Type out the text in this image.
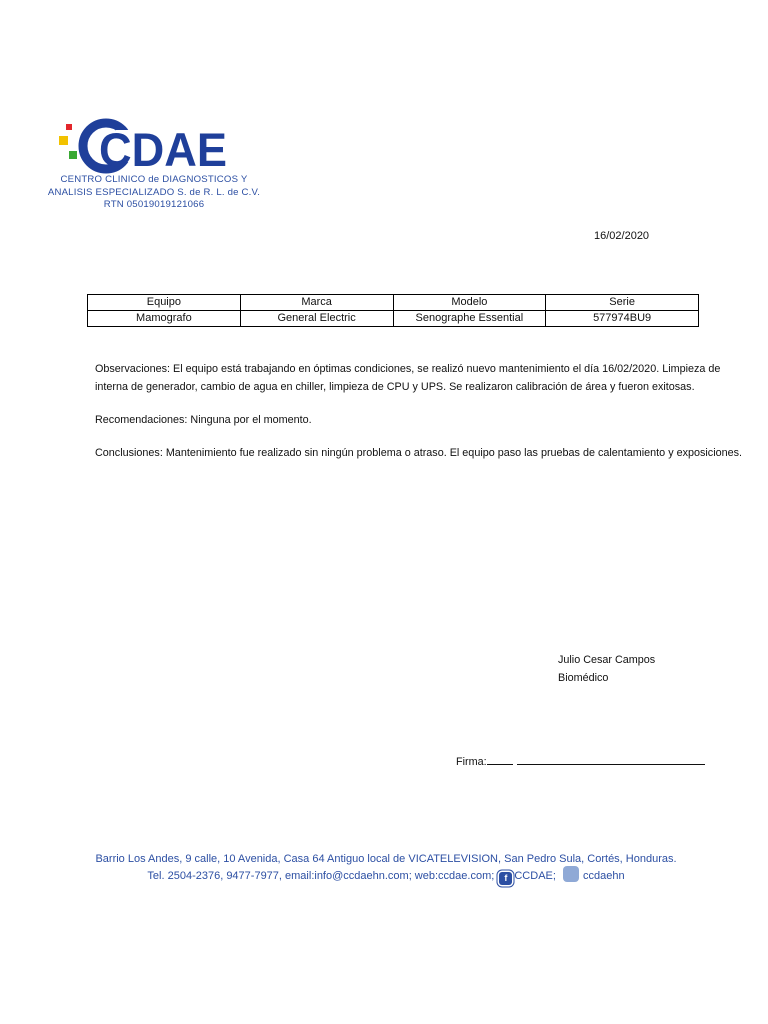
CDAE
CENTRO CLINICO de DIAGNOSTICOS Y
ANALISIS ESPECIALIZADO S. de R. L. de C.V.
RTN 05019019121066
16/02/2020
Equipo	Marca	Modelo	Serie
Mamografo	General Electric	Senographe Essential	577974BU9

Observaciones: El equipo está trabajando en óptimas condiciones, se realizó nuevo mantenimiento el día 16/02/2020. Limpieza de interna de generador, cambio de agua en chiller, limpieza de CPU y UPS. Se realizaron calibración de área y fueron exitosas.

Recomendaciones: Ninguna por el momento.

Conclusiones: Mantenimiento fue realizado sin ningún problema o atraso. El equipo paso las pruebas de calentamiento y exposiciones.

Julio Cesar Campos
Biomédico
Firma:
Barrio Los Andes, 9 calle, 10 Avenida, Casa 64 Antiguo local de VICATELEVISION, San Pedro Sula, Cortés, Honduras.
Tel. 2504-2376, 9477-7977, email:info@ccdaehn.com; web:ccdae.com; f CCDAE; ccdaehn
